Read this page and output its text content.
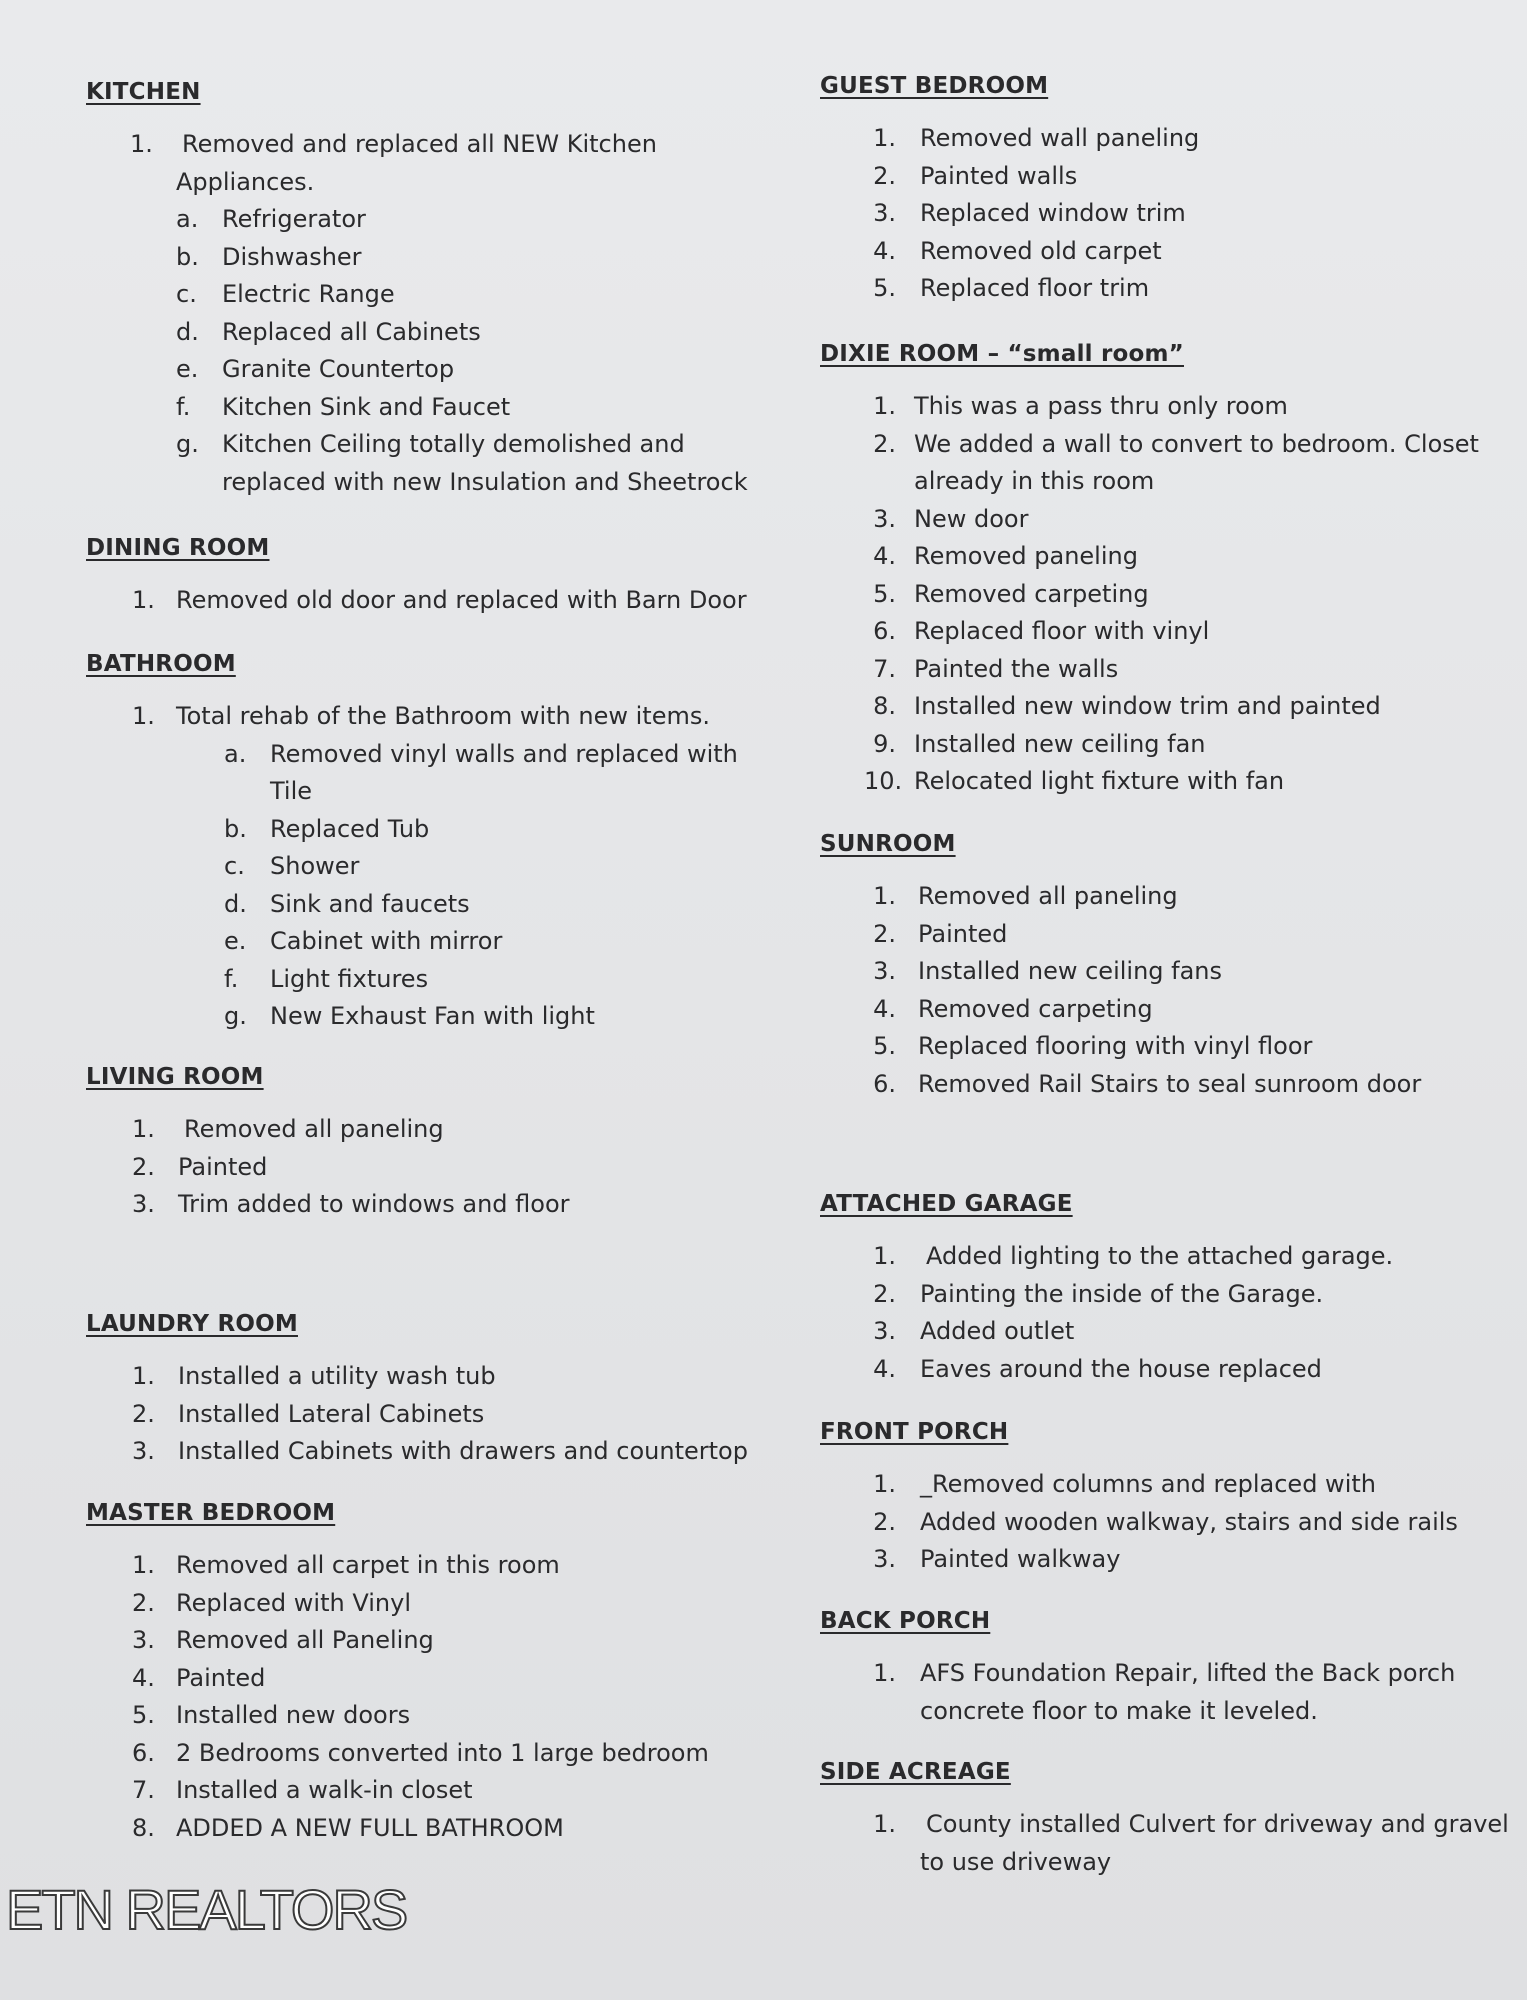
KITCHEN
1.	Removed and replaced all NEW Kitchen
Appliances.
a. Refrigerator
b. Dishwasher
c.	Electric Range
d. Replaced all Cabinets
e. Granite Countertop
f.	Kitchen Sink and Faucet
g. Kitchen Ceiling totally demolished and
replaced with new Insulation and Sheetrock
DINING ROOM
1. Removed old door and replaced with Barn Door
BATHROOM
1. Total rehab of the Bathroom with new items.
a. Removed vinyl walls and replaced with
Tile
b. Replaced Tub
c.	Shower
d. Sink and faucets
e. Cabinet with mirror
f.	Light fixtures
g. New Exhaust Fan with light
LIVING ROOM
1.	Removed all paneling
2. Painted
3. Trim added to windows and floor
LAUNDRY ROOM
1. Installed a utility wash tub
2. Installed Lateral Cabinets
3. Installed Cabinets with drawers and countertop
MASTER BEDROOM
1. Removed all carpet in this room
2. Replaced with Vinyl
3. Removed all Paneling
4. Painted
5. Installed new doors
6. 2 Bedrooms converted into 1 large bedroom
7. Installed a walk-in closet
8. ADDED A NEW FULL BATHROOM
GUEST BEDROOM
1.	Removed wall paneling
2.	Painted walls
3.	Replaced window trim
4.	Removed old carpet
5.	Replaced floor trim
DIXIE ROOM – “small room”
1. This was a pass thru only room
2. We added a wall to convert to bedroom. Closet
already in this room
3. New door
4. Removed paneling
5. Removed carpeting
6. Replaced floor with vinyl
7. Painted the walls
8. Installed new window trim and painted
9. Installed new ceiling fan
10. Relocated light fixture with fan
SUNROOM
1. Removed all paneling
2. Painted
3. Installed new ceiling fans
4. Removed carpeting
5. Replaced flooring with vinyl floor
6. Removed Rail Stairs to seal sunroom door
ATTACHED GARAGE
1.	Added lighting to the attached garage.
2.	Painting the inside of the Garage.
3.	Added outlet
4.	Eaves around the house replaced
FRONT PORCH
1.	_Removed columns and replaced with
2.	Added wooden walkway, stairs and side rails
3.	Painted walkway
BACK PORCH
1.	AFS Foundation Repair, lifted the Back porch
concrete floor to make it leveled.
SIDE ACREAGE
1.	County installed Culvert for driveway and gravel
to use driveway
ETN REALTORS
